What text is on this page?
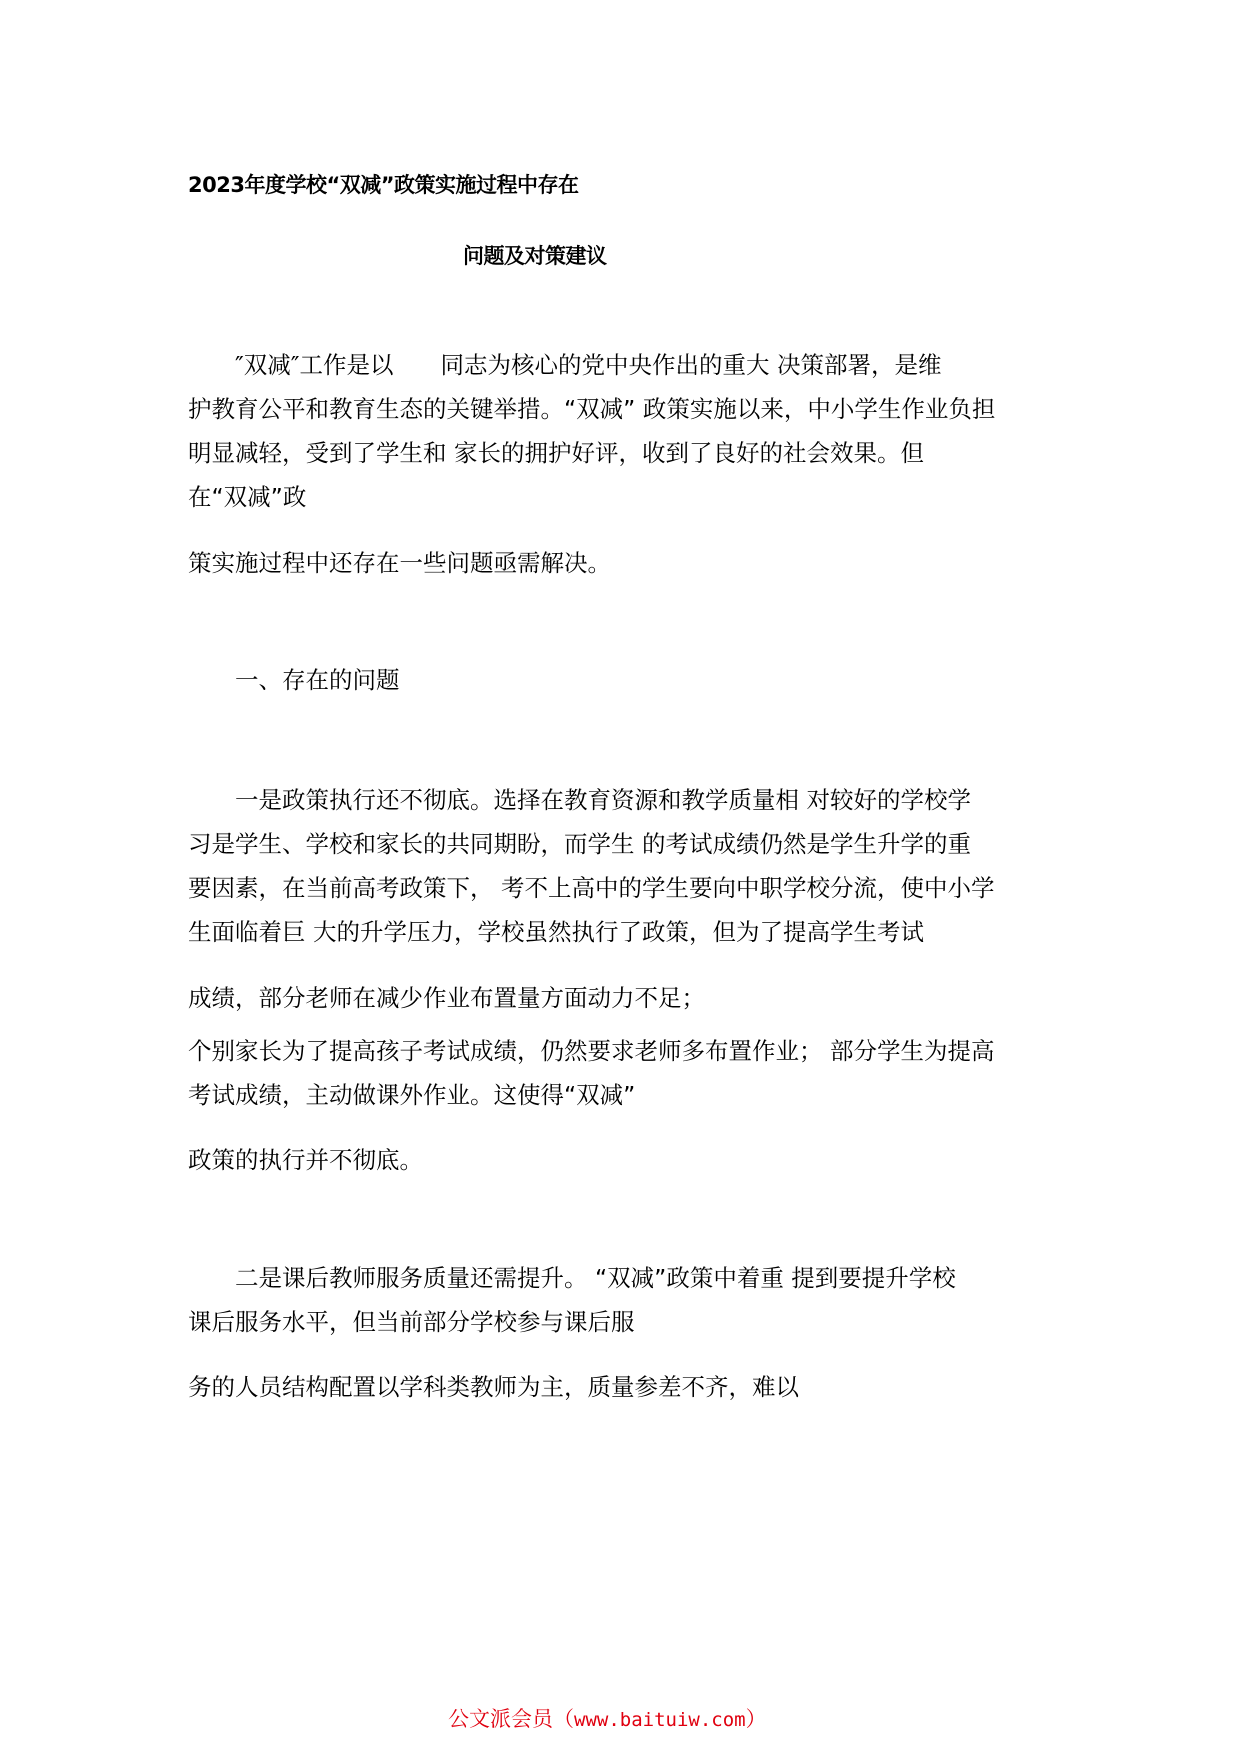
2023年度学校“双减”政策实施过程中存在
问题及对策建议
　　″双减″工作是以　　同志为核心的党中央作出的重大 决策部署，是维
护教育公平和教育生态的关键举措。“双减” 政策实施以来，中小学生作业负担
明显减轻，受到了学生和 家长的拥护好评，收到了良好的社会效果。但
在“双减”政
策实施过程中还存在一些问题亟需解决。
　　一、存在的问题
　　一是政策执行还不彻底。选择在教育资源和教学质量相 对较好的学校学
习是学生、学校和家长的共同期盼，而学生 的考试成绩仍然是学生升学的重
要因素，在当前高考政策下， 考不上高中的学生要向中职学校分流，使中小学
生面临着巨 大的升学压力，学校虽然执行了政策，但为了提高学生考试
成绩，部分老师在减少作业布置量方面动力不足；
个别家长为了提高孩子考试成绩，仍然要求老师多布置作业； 部分学生为提高
考试成绩，主动做课外作业。这使得“双减”
政策的执行并不彻底。
　　二是课后教师服务质量还需提升。 “双减”政策中着重 提到要提升学校
课后服务水平，但当前部分学校参与课后服
务的人员结构配置以学科类教师为主，质量参差不齐，难以
公文派会员（www.baituiw.com）
